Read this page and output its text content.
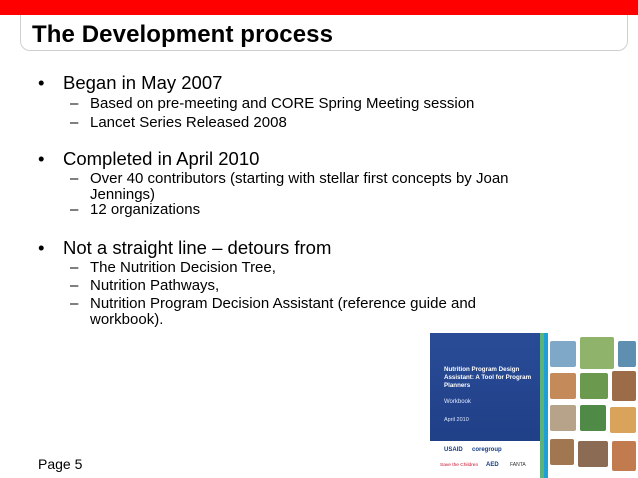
The Development process
• Began in May 2007
– Based on pre-meeting and CORE Spring Meeting session
– Lancet Series Released 2008
• Completed in April 2010
– Over 40 contributors (starting with stellar first concepts by Joan Jennings)
– 12 organizations
• Not a straight line – detours from
– The Nutrition Decision Tree,
– Nutrition Pathways,
– Nutrition Program Decision Assistant (reference guide and workbook).
Page 5
Nutrition Program Design Assistant: A Tool for Program Planners
Workbook
April 2010
USAID coregroup
Save the Children AED FANTA
